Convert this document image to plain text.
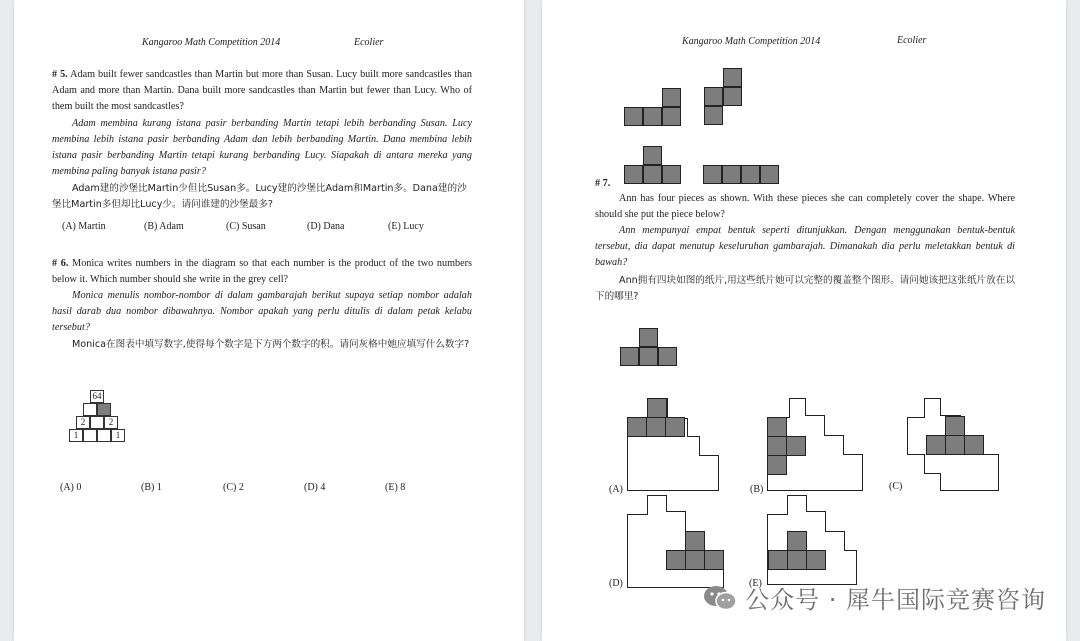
Kangaroo Math Competition 2014	Ecolier

# 5. Adam built fewer sandcastles than Martin but more than Susan. Lucy built more sandcastles than Adam and more than Martin. Dana built more sandcastles than Martin but fewer than Lucy. Who of them built the most sandcastles?

Adam membina kurang istana pasir berbanding Martin tetapi lebih berbanding Susan. Lucy membina lebih istana pasir berbanding Adam dan lebih berbanding Martin. Dana membina lebih istana pasir berbanding Martin tetapi kurang berbanding Lucy. Siapakah di antara mereka yang membina paling banyak istana pasir?

Adam建的沙堡比Martin少但比Susan多。Lucy建的沙堡比Adam和Martin多。Dana建的沙堡比Martin多但却比Lucy少。请问谁建的沙堡最多?

(A) Martin	(B) Adam	(C) Susan	(D) Dana	(E) Lucy

# 6. Monica writes numbers in the diagram so that each number is the product of the two numbers below it. Which number should she write in the grey cell?

Monica menulis nombor-nombor di dalam gambarajah berikut supaya setiap nombor adalah hasil darab dua nombor dibawahnya. Nombor apakah yang perlu ditulis di dalam petak kelabu tersebut?

Monica在图表中填写数字,使得每个数字是下方两个数字的积。请问灰格中她应填写什么数字?

64
2	2
1	1
(A) 0	(B) 1	(C) 2	(D) 4	(E) 8
Kangaroo Math Competition 2014	Ecolier
# 7.

Ann has four pieces as shown. With these pieces she can completely cover the shape. Where should she put the piece below?

Ann mempunyai empat bentuk seperti ditunjukkan. Dengan menggunakan bentuk-bentuk tersebut, dia dapat menutup keseluruhan gambarajah. Dimanakah dia perlu meletakkan bentuk di bawah?

Ann拥有四块如图的纸片,用这些纸片她可以完整的覆盖整个图形。请问她该把这张纸片放在以下的哪里?

(A)	(B)	(C)
(D)	(E)
公众号 · 犀牛国际竞赛咨询
